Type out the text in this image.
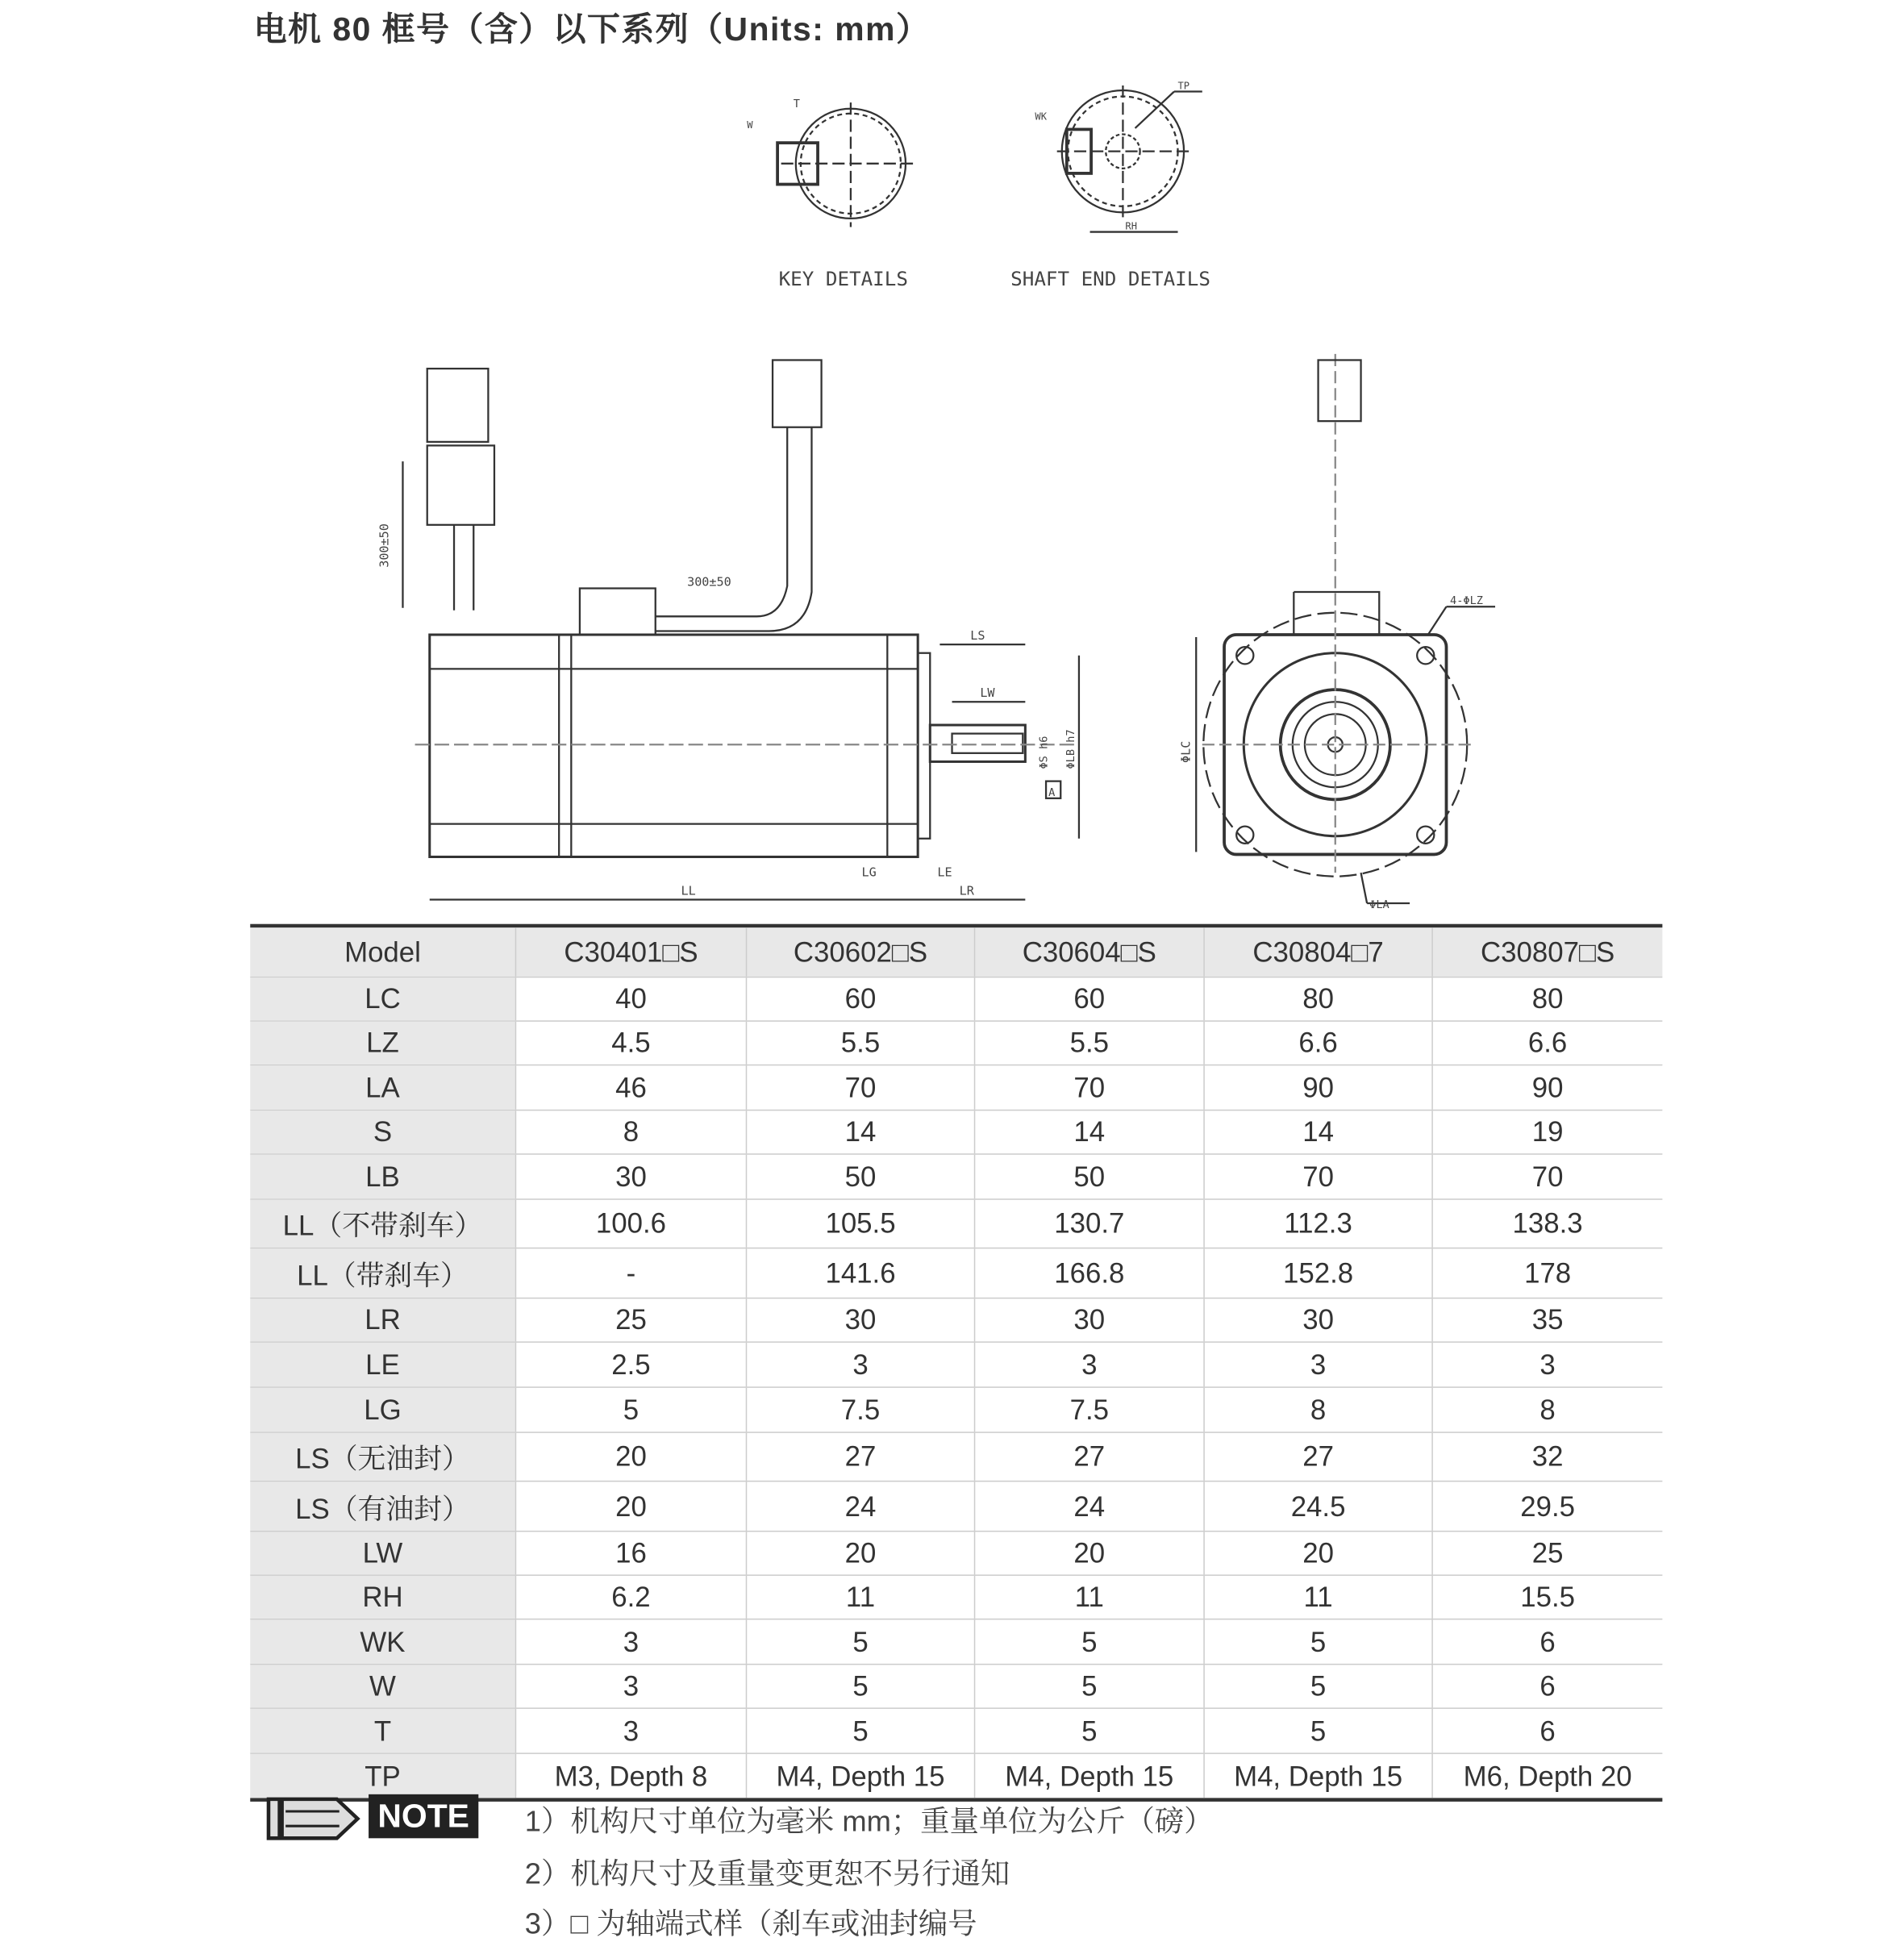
电机 80 框号（含）以下系列（Units: mm）
T
W
KEY DETAILS
TP
RH
WK
SHAFT END DETAILS
300±50
300±50
LS
LW
ΦS h6 ΦLB h7
A
LG	LE
LR
LL
4-ΦLZ
ΦLC
ΦLA
Model	C30401□S	C30602□S	C30604□S	C30804□7	C30807□S
LC	40	60	60	80	80
LZ	4.5	5.5	5.5	6.6	6.6
LA	46	70	70	90	90
S	8	14	14	14	19
LB	30	50	50	70	70
LL（不带刹车）	100.6	105.5	130.7	112.3	138.3
LL（带刹车）	-	141.6	166.8	152.8	178
LR	25	30	30	30	35
LE	2.5	3	3	3	3
LG	5	7.5	7.5	8	8
LS（无油封）	20	27	27	27	32
LS（有油封）	20	24	24	24.5	29.5
LW	16	20	20	20	25
RH	6.2	11	11	11	15.5
WK	3	5	5	5	6
W	3	5	5	5	6
T	3	5	5	5	6
TP	M3, Depth 8	M4, Depth 15	M4, Depth 15	M4, Depth 15	M6, Depth 20
NOTE	1）机构尺寸单位为毫米 mm；重量单位为公斤（磅）
2）机构尺寸及重量变更恕不另行通知
3）□ 为轴端式样（刹车或油封编号
